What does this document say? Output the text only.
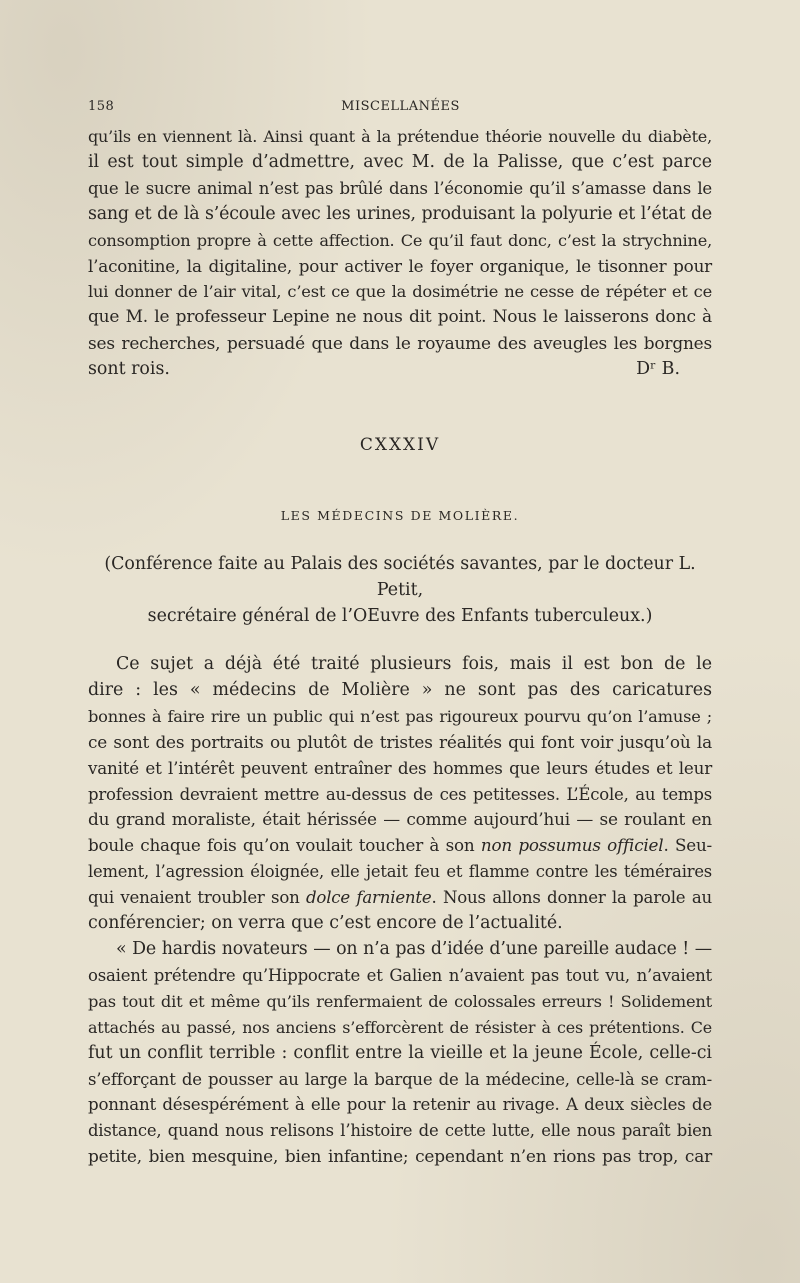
158	MISCELLANÉES
qu’ils en viennent là. Ainsi quant à la prétendue théorie nouvelle du diabète,
il est tout simple d’admettre, avec M. de la Palisse, que c’est parce
que le sucre animal n’est pas brûlé dans l’économie qu’il s’amasse dans le
sang et de là s’écoule avec les urines, produisant la polyurie et l’état de
consomption propre à cette affection. Ce qu’il faut donc, c’est la strychnine,
l’aconitine, la digitaline, pour activer le foyer organique, le tisonner pour
lui donner de l’air vital, c’est ce que la dosimétrie ne cesse de répéter et ce
que M. le professeur Lepine ne nous dit point. Nous le laisserons donc à
ses recherches, persuadé que dans le royaume des aveugles les borgnes
sont rois.	Dʳ B.
CXXXIV
LES MÉDECINS DE MOLIÈRE.
(Conférence faite au Palais des sociétés savantes, par le docteur L. Petit,
secrétaire général de l’OEuvre des Enfants tuberculeux.)
Ce sujet a déjà été traité plusieurs fois, mais il est bon de le
dire : les « médecins de Molière » ne sont pas des caricatures
bonnes à faire rire un public qui n’est pas rigoureux pourvu qu’on l’amuse ;
ce sont des portraits ou plutôt de tristes réalités qui font voir jusqu’où la
vanité et l’intérêt peuvent entraîner des hommes que leurs études et leur
profession devraient mettre au-dessus de ces petitesses. L’École, au temps
du grand moraliste, était hérissée — comme aujourd’hui — se roulant en
boule chaque fois qu’on voulait toucher à son non possumus officiel. Seu-
lement, l’agression éloignée, elle jetait feu et flamme contre les téméraires
qui venaient troubler son dolce farniente. Nous allons donner la parole au
conférencier; on verra que c’est encore de l’actualité.
« De hardis novateurs — on n’a pas d’idée d’une pareille audace ! —
osaient prétendre qu’Hippocrate et Galien n’avaient pas tout vu, n’avaient
pas tout dit et même qu’ils renfermaient de colossales erreurs ! Solidement
attachés au passé, nos anciens s’efforcèrent de résister à ces prétentions. Ce
fut un conflit terrible : conflit entre la vieille et la jeune École, celle-ci
s’efforçant de pousser au large la barque de la médecine, celle-là se cram-
ponnant désespérément à elle pour la retenir au rivage. A deux siècles de
distance, quand nous relisons l’histoire de cette lutte, elle nous paraît bien
petite, bien mesquine, bien infantine; cependant n’en rions pas trop, car
